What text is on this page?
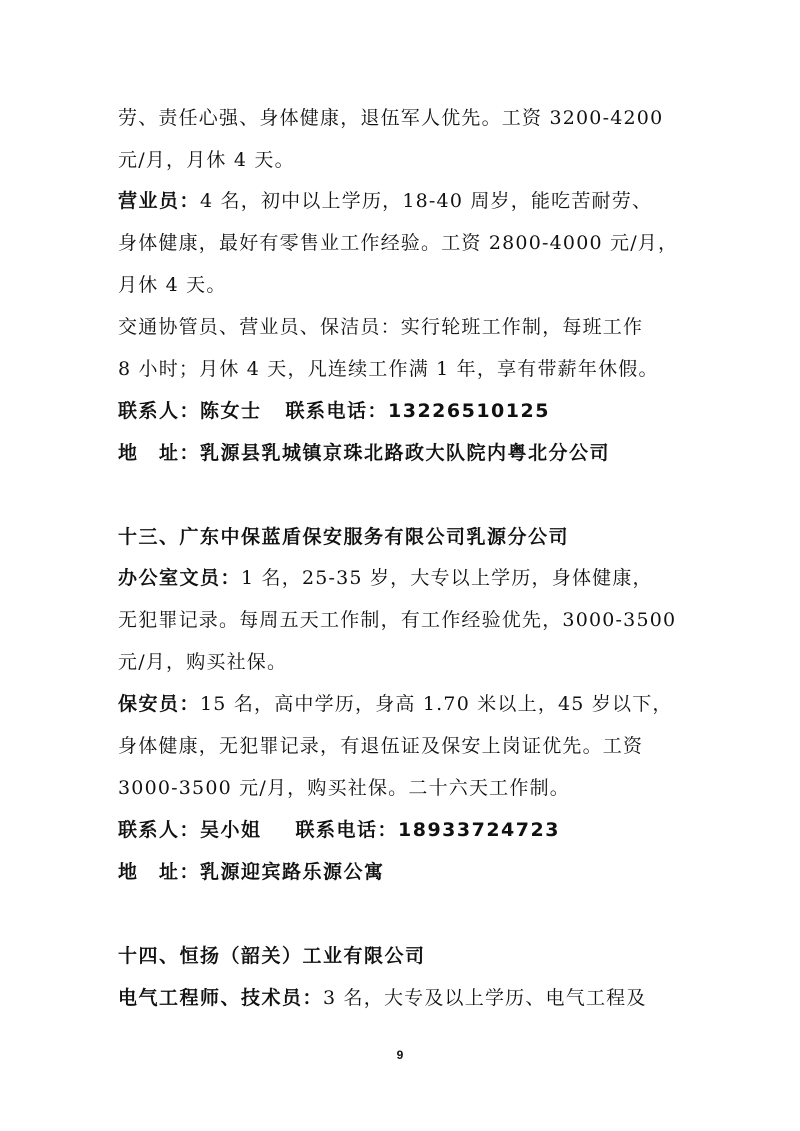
劳、责任心强、身体健康，退伍军人优先。工资 3200-4200
元/月，月休 4 天。
营业员：4 名，初中以上学历，18-40 周岁，能吃苦耐劳、
身体健康，最好有零售业工作经验。工资 2800-4000 元/月，
月休 4 天。
交通协管员、营业员、保洁员：实行轮班工作制，每班工作
8 小时；月休 4 天，凡连续工作满 1 年，享有带薪年休假。
联系人：陈女士 联系电话：13226510125
地　址：乳源县乳城镇京珠北路政大队院内粤北分公司
十三、广东中保蓝盾保安服务有限公司乳源分公司
办公室文员：1 名，25-35 岁，大专以上学历，身体健康，
无犯罪记录。每周五天工作制，有工作经验优先，3000-3500
元/月，购买社保。
保安员：15 名，高中学历，身高 1.70 米以上，45 岁以下，
身体健康，无犯罪记录，有退伍证及保安上岗证优先。工资
3000-3500 元/月，购买社保。二十六天工作制。
联系人：吴小姐 联系电话：18933724723
地　址：乳源迎宾路乐源公寓
十四、恒扬（韶关）工业有限公司
电气工程师、技术员：3 名，大专及以上学历、电气工程及
9
